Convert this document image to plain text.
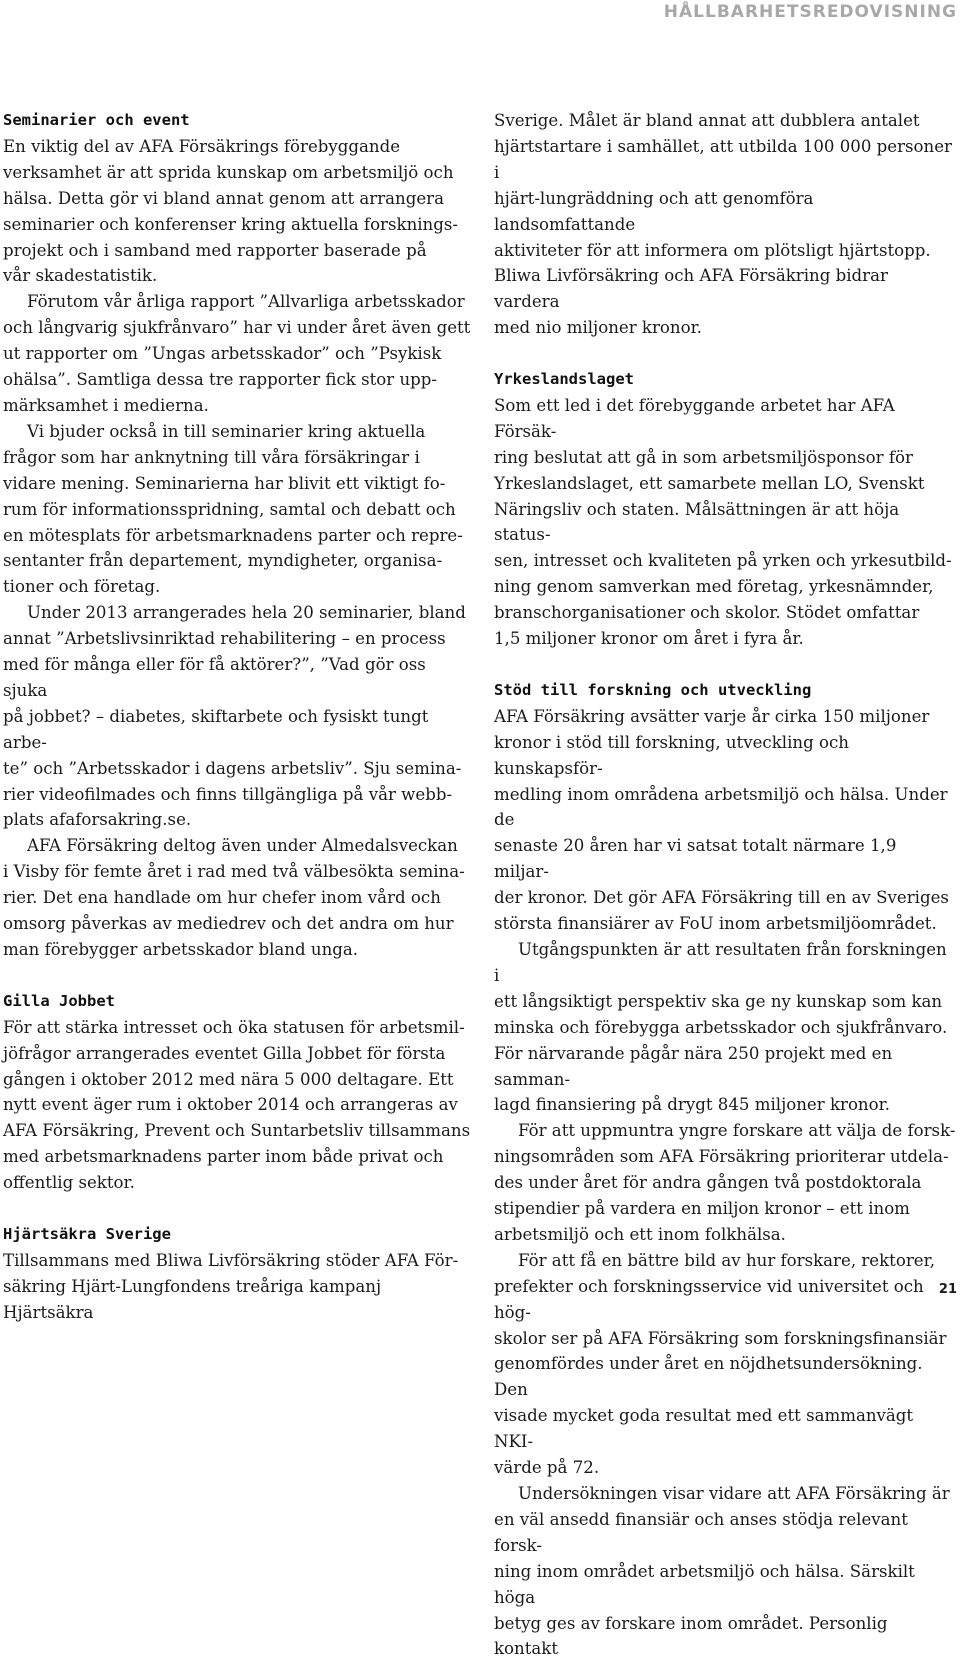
HÅLLBARHETSREDOVISNING
Seminarier och event

En viktig del av AFA Försäkrings förebyggande
verksamhet är att sprida kunskap om arbetsmiljö och
hälsa. Detta gör vi bland annat genom att arrangera
seminarier och konferenser kring aktuella forsknings-
projekt och i samband med rapporter baserade på
vår skadestatistik.

Förutom vår årliga rapport ”Allvarliga arbetsskador
och långvarig sjukfrånvaro” har vi under året även gett
ut rapporter om ”Ungas arbetsskador” och ”Psykisk
ohälsa”. Samtliga dessa tre rapporter fick stor upp-
märksamhet i medierna.

Vi bjuder också in till seminarier kring aktuella
frågor som har anknytning till våra försäkringar i
vidare mening. Seminarierna har blivit ett viktigt fo-
rum för informationsspridning, samtal och debatt och
en mötesplats för arbetsmarknadens parter och repre-
sentanter från departement, myndigheter, organisa-
tioner och företag.

Under 2013 arrangerades hela 20 seminarier, bland
annat ”Arbetslivsinriktad rehabilitering – en process
med för många eller för få aktörer?”, ”Vad gör oss sjuka
på jobbet? – diabetes, skiftarbete och fysiskt tungt arbe-
te” och ”Arbetsskador i dagens arbetsliv”. Sju semina-
rier videofilmades och finns tillgängliga på vår webb-
plats afaforsakring.se.

AFA Försäkring deltog även under Almedalsveckan
i Visby för femte året i rad med två välbesökta semina-
rier. Det ena handlade om hur chefer inom vård och
omsorg påverkas av mediedrev och det andra om hur
man förebygger arbetsskador bland unga.

Gilla Jobbet

För att stärka intresset och öka statusen för arbetsmil-
jöfrågor arrangerades eventet Gilla Jobbet för första
gången i oktober 2012 med nära 5 000 deltagare. Ett
nytt event äger rum i oktober 2014 och arrangeras av
AFA Försäkring, Prevent och Suntarbetsliv tillsammans
med arbetsmarknadens parter inom både privat och
offentlig sektor.

Hjärtsäkra Sverige

Tillsammans med Bliwa Livförsäkring stöder AFA För-
säkring Hjärt-Lungfondens treåriga kampanj Hjärtsäkra

Sverige. Målet är bland annat att dubblera antalet
hjärtstartare i samhället, att utbilda 100 000 personer i
hjärt-lungräddning och att genomföra landsomfattande
aktiviteter för att informera om plötsligt hjärtstopp.
Bliwa Livförsäkring och AFA Försäkring bidrar vardera
med nio miljoner kronor.

Yrkeslandslaget

Som ett led i det förebyggande arbetet har AFA Försäk-
ring beslutat att gå in som arbetsmiljösponsor för
Yrkeslandslaget, ett samarbete mellan LO, Svenskt
Näringsliv och staten. Målsättningen är att höja status-
sen, intresset och kvaliteten på yrken och yrkesutbild-
ning genom samverkan med företag, yrkesnämnder,
branschorganisationer och skolor. Stödet omfattar
1,5 miljoner kronor om året i fyra år.

Stöd till forskning och utveckling

AFA Försäkring avsätter varje år cirka 150 miljoner
kronor i stöd till forskning, utveckling och kunskapsför-
medling inom områdena arbetsmiljö och hälsa. Under de
senaste 20 åren har vi satsat totalt närmare 1,9 miljar-
der kronor. Det gör AFA Försäkring till en av Sveriges
största finansiärer av FoU inom arbetsmiljöområdet.

Utgångspunkten är att resultaten från forskningen i
ett långsiktigt perspektiv ska ge ny kunskap som kan
minska och förebygga arbetsskador och sjukfrånvaro.
För närvarande pågår nära 250 projekt med en samman-
lagd finansiering på drygt 845 miljoner kronor.

För att uppmuntra yngre forskare att välja de forsk-
ningsområden som AFA Försäkring prioriterar utdela-
des under året för andra gången två postdoktorala
stipendier på vardera en miljon kronor – ett inom
arbetsmiljö och ett inom folkhälsa.

För att få en bättre bild av hur forskare, rektorer,
prefekter och forskningsservice vid universitet och hög-
skolor ser på AFA Försäkring som forskningsfinansiär
genomfördes under året en nöjdhetsundersökning. Den
visade mycket goda resultat med ett sammanvägt NKI-
värde på 72.

Undersökningen visar vidare att AFA Försäkring är
en väl ansedd finansiär och anses stödja relevant forsk-
ning inom området arbetsmiljö och hälsa. Särskilt höga
betyg ges av forskare inom området. Personlig kontakt

21
